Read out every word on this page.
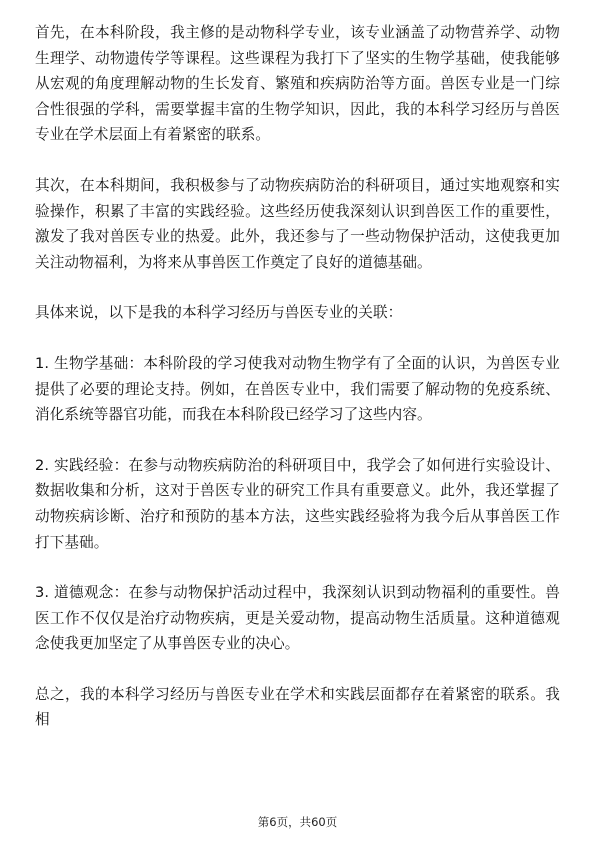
首先，在本科阶段，我主修的是动物科学专业，该专业涵盖了动物营养学、动物生理学、动物遗传学等课程。这些课程为我打下了坚实的生物学基础，使我能够从宏观的角度理解动物的生长发育、繁殖和疾病防治等方面。兽医专业是一门综合性很强的学科，需要掌握丰富的生物学知识，因此，我的本科学习经历与兽医专业在学术层面上有着紧密的联系。

其次，在本科期间，我积极参与了动物疾病防治的科研项目，通过实地观察和实验操作，积累了丰富的实践经验。这些经历使我深刻认识到兽医工作的重要性，激发了我对兽医专业的热爱。此外，我还参与了一些动物保护活动，这使我更加关注动物福利，为将来从事兽医工作奠定了良好的道德基础。

具体来说，以下是我的本科学习经历与兽医专业的关联：

1. 生物学基础：本科阶段的学习使我对动物生物学有了全面的认识，为兽医专业提供了必要的理论支持。例如，在兽医专业中，我们需要了解动物的免疫系统、消化系统等器官功能，而我在本科阶段已经学习了这些内容。

2. 实践经验：在参与动物疾病防治的科研项目中，我学会了如何进行实验设计、数据收集和分析，这对于兽医专业的研究工作具有重要意义。此外，我还掌握了动物疾病诊断、治疗和预防的基本方法，这些实践经验将为我今后从事兽医工作打下基础。

3. 道德观念：在参与动物保护活动过程中，我深刻认识到动物福利的重要性。兽医工作不仅仅是治疗动物疾病，更是关爱动物，提高动物生活质量。这种道德观念使我更加坚定了从事兽医专业的决心。

总之，我的本科学习经历与兽医专业在学术和实践层面都存在着紧密的联系。我相

第6页，共60页
